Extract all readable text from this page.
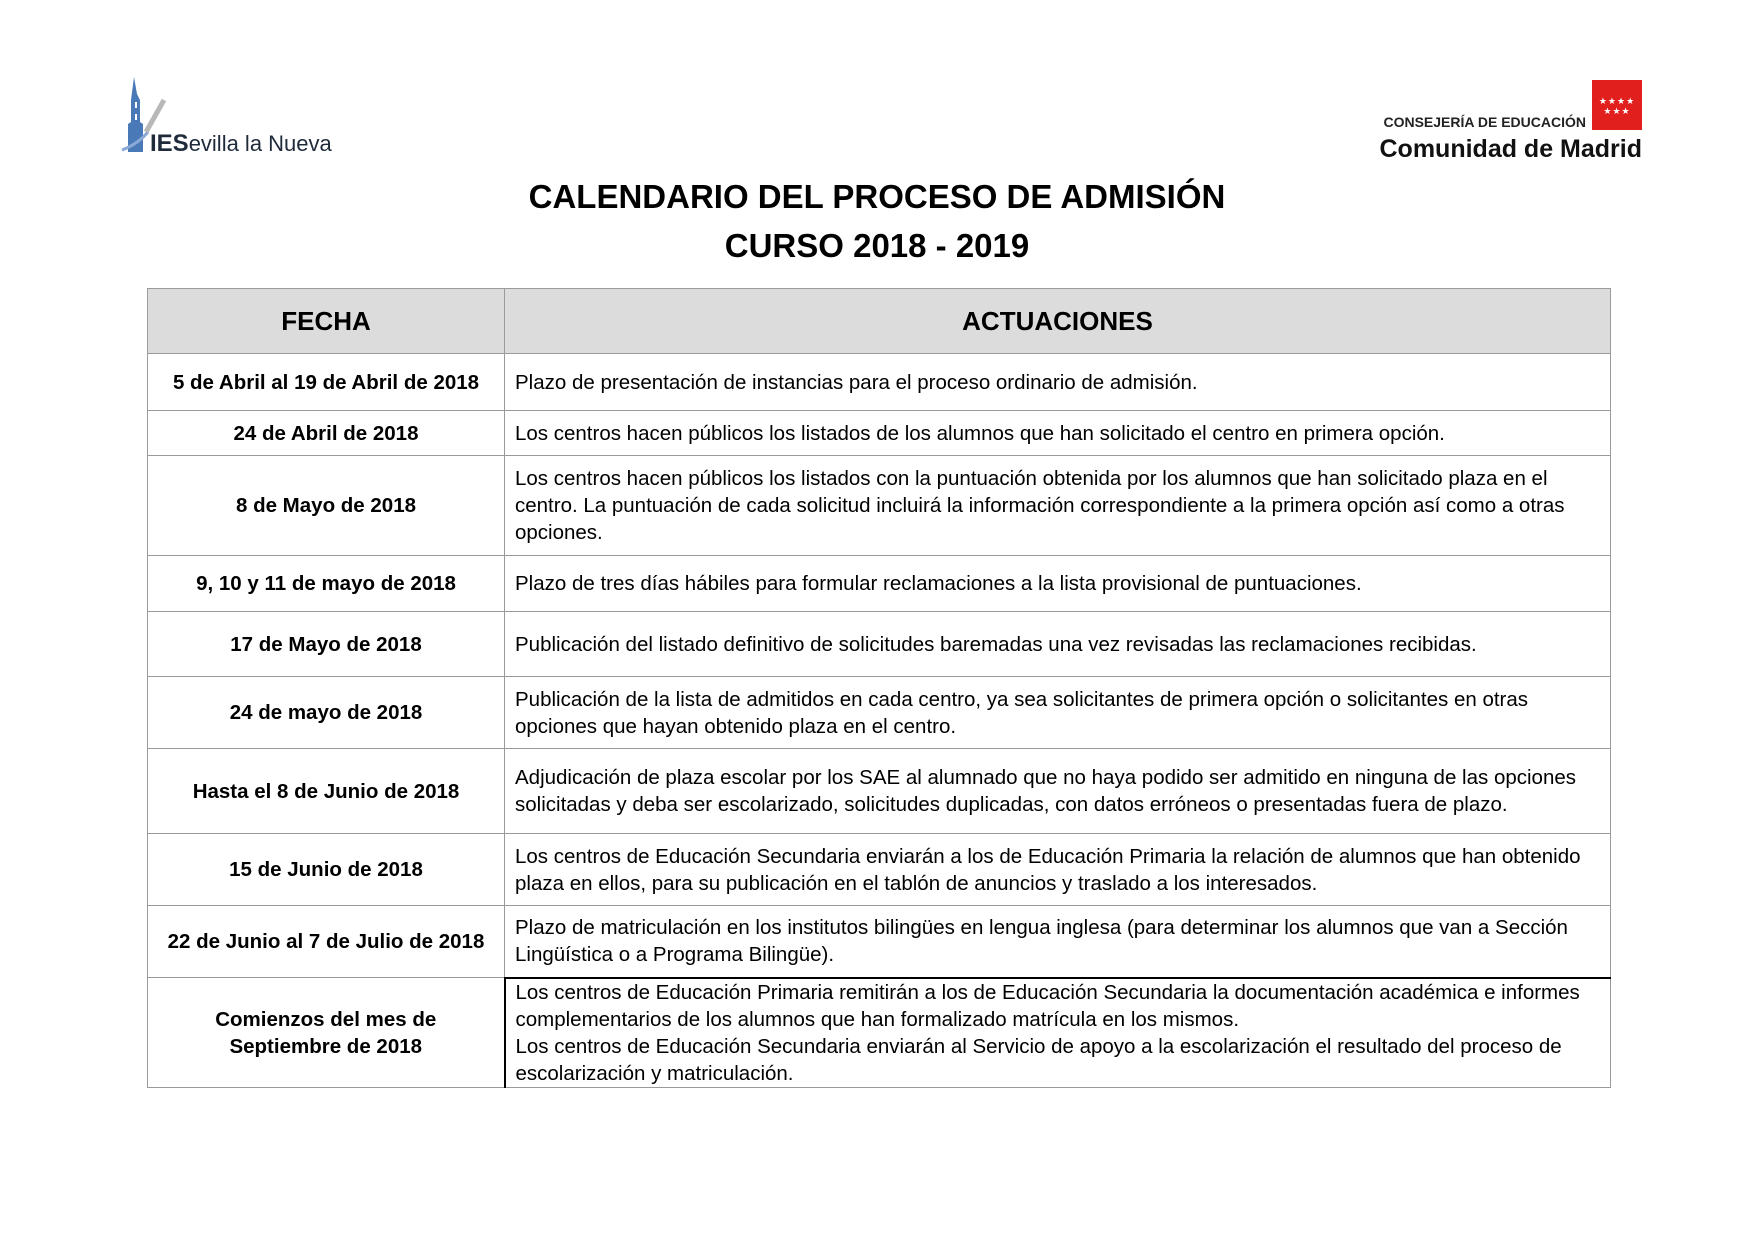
IESevilla la Nueva
★★★★
★★★
CONSEJERÍA DE EDUCACIÓN
Comunidad de Madrid
CALENDARIO DEL PROCESO DE ADMISIÓN
CURSO 2018 - 2019
FECHA	ACTUACIONES

5 de Abril al 19 de Abril de 2018	Plazo de presentación de instancias para el proceso ordinario de admisión.

24 de Abril de 2018	Los centros hacen públicos los listados de los alumnos que han solicitado el centro en primera opción.

8 de Mayo de 2018	Los centros hacen públicos los listados con la puntuación obtenida por los alumnos que han solicitado plaza en el
centro. La puntuación de cada solicitud incluirá la información correspondiente a la primera opción así como a otras
opciones.

9, 10 y 11 de mayo de 2018	Plazo de tres días hábiles para formular reclamaciones a la lista provisional de puntuaciones.

17 de Mayo de 2018	Publicación del listado definitivo de solicitudes baremadas una vez revisadas las reclamaciones recibidas.

24 de mayo de 2018	Publicación de la lista de admitidos en cada centro, ya sea solicitantes de primera opción o solicitantes en otras
opciones que hayan obtenido plaza en el centro.

Hasta el 8 de Junio de 2018	Adjudicación de plaza escolar por los SAE al alumnado que no haya podido ser admitido en ninguna de las opciones
solicitadas y deba ser escolarizado, solicitudes duplicadas, con datos erróneos o presentadas fuera de plazo.

15 de Junio de 2018	Los centros de Educación Secundaria enviarán a los de Educación Primaria la relación de alumnos que han obtenido
plaza en ellos, para su publicación en el tablón de anuncios y traslado a los interesados.

22 de Junio al 7 de Julio de 2018	Plazo de matriculación en los institutos bilingües en lengua inglesa (para determinar los alumnos que van a Sección
Lingüística o a Programa Bilingüe).

Comienzos del mes de
Septiembre de 2018	Los centros de Educación Primaria remitirán a los de Educación Secundaria la documentación académica e informes
complementarios de los alumnos que han formalizado matrícula en los mismos.
Los centros de Educación Secundaria enviarán al Servicio de apoyo a la escolarización el resultado del proceso de
escolarización y matriculación.
